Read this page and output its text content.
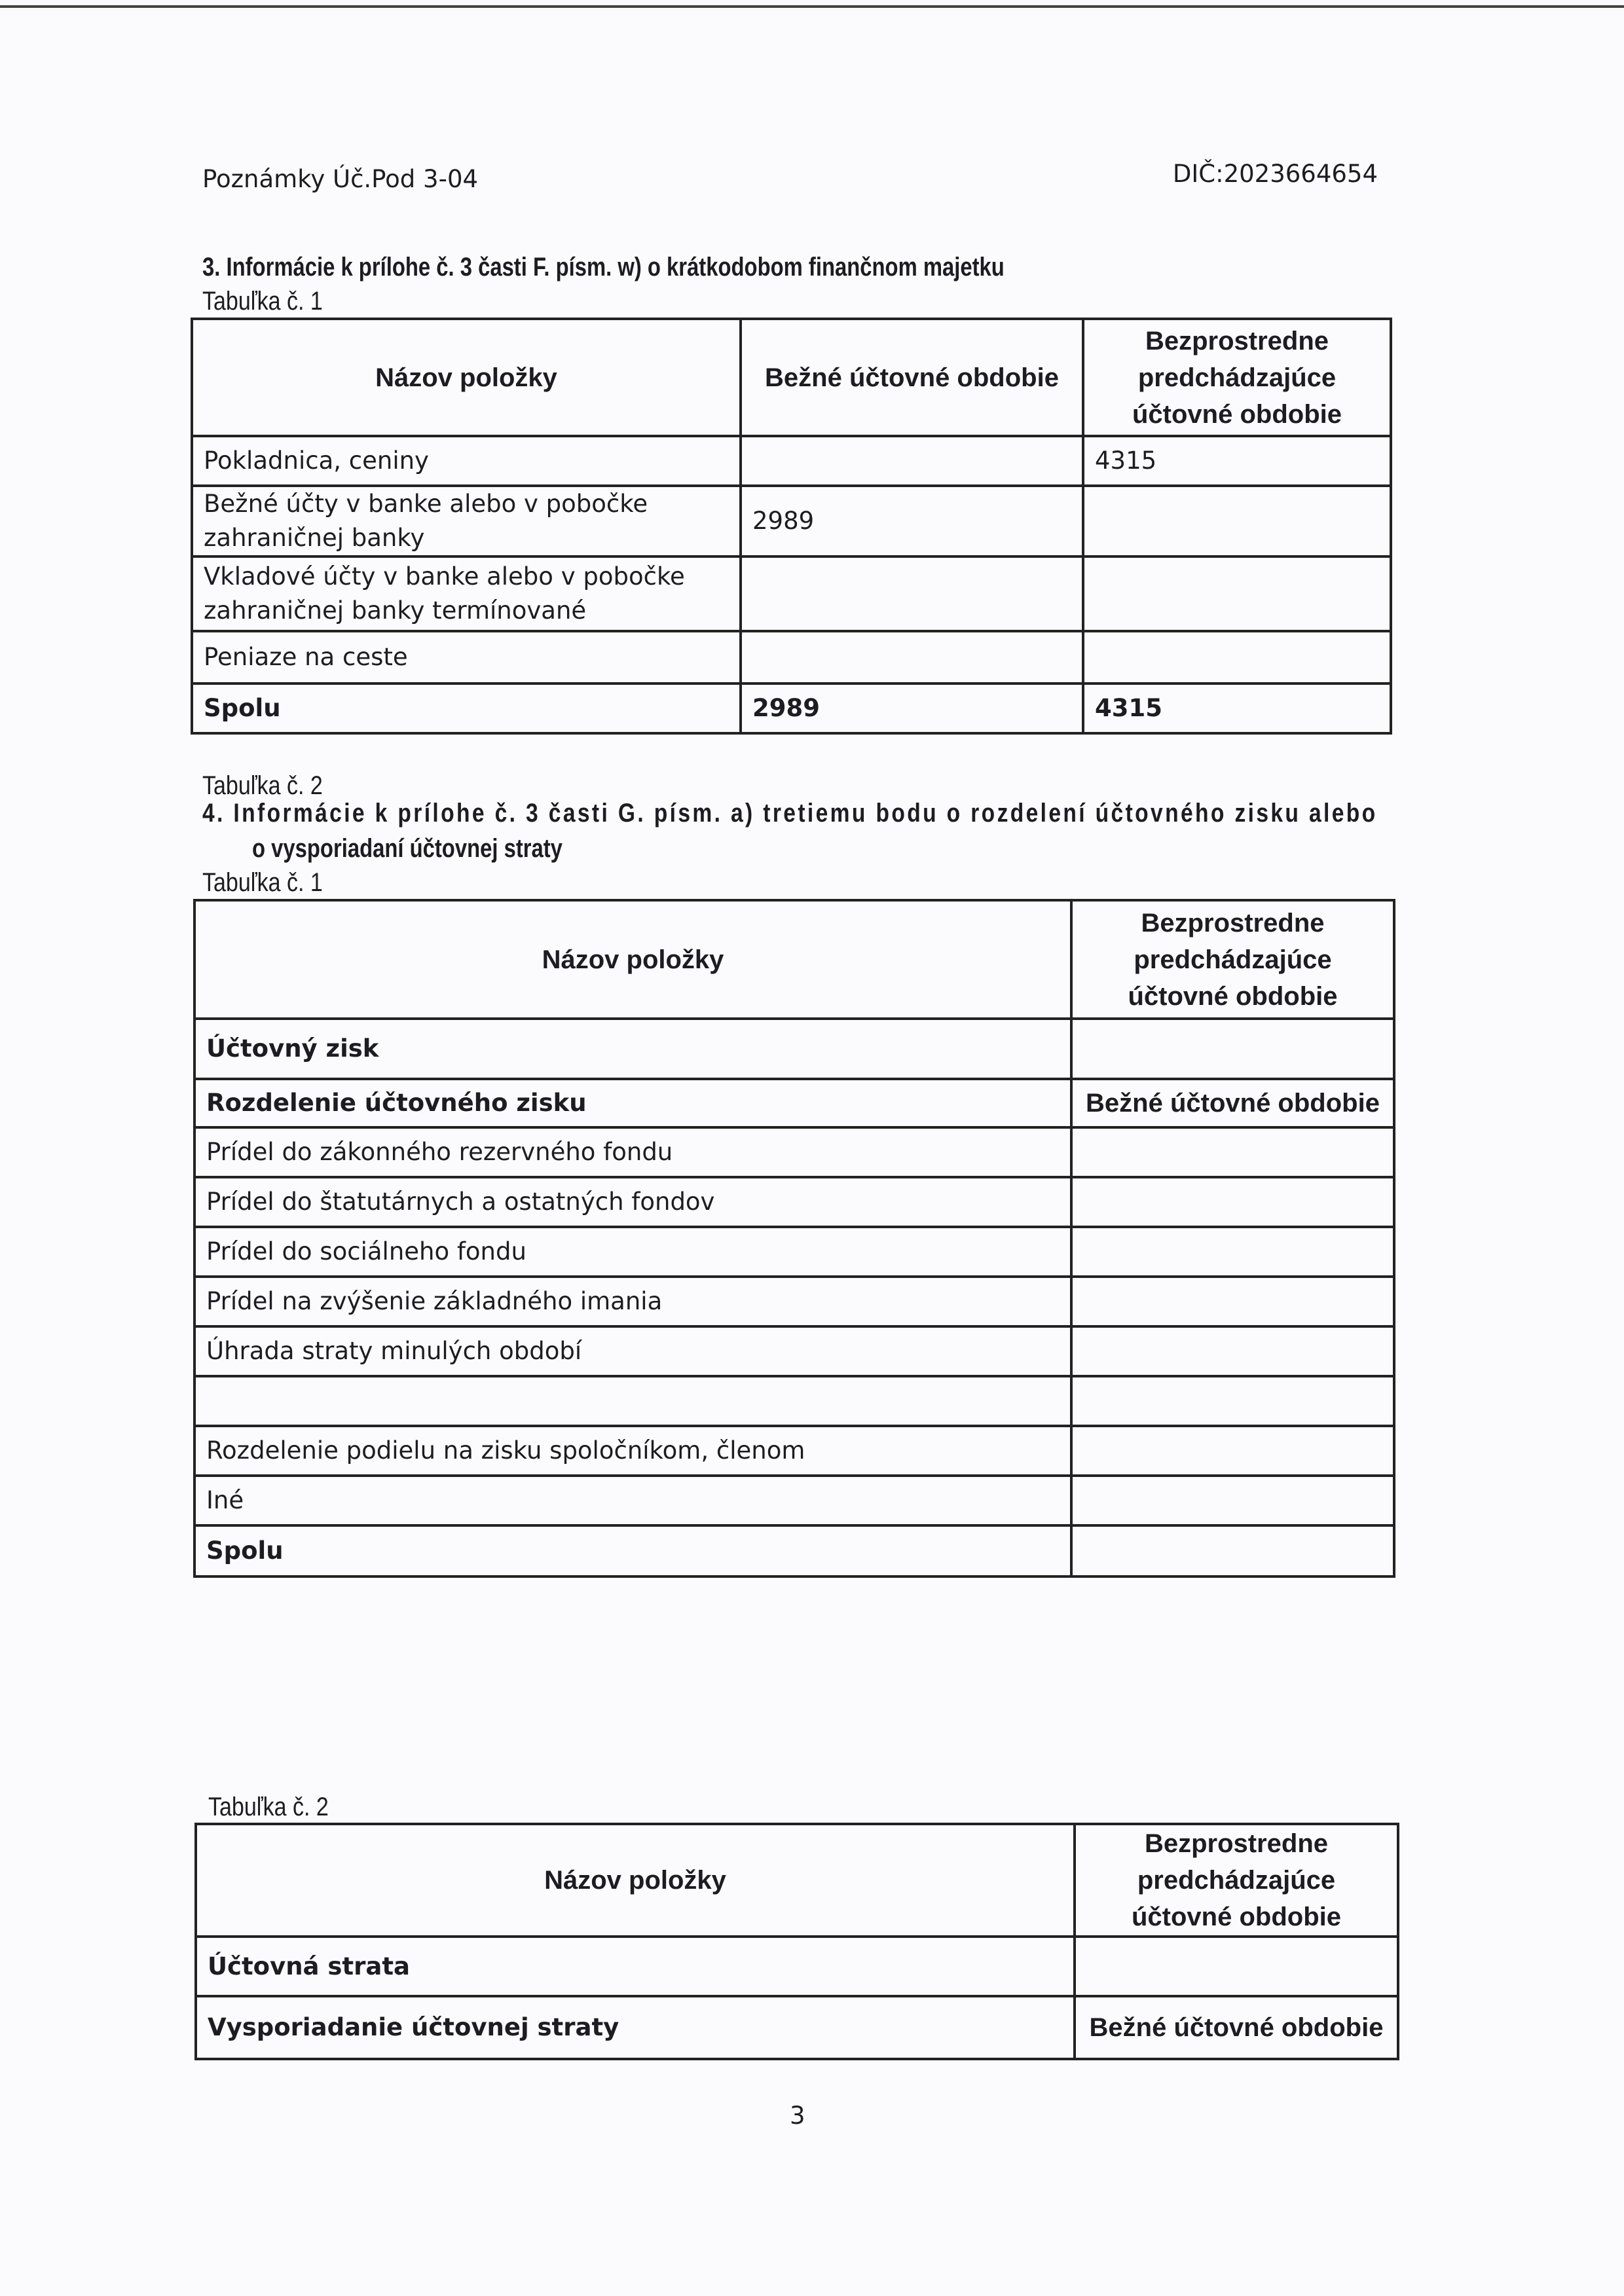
Poznámky Úč.Pod 3-04	DIČ:2023664654
3. Informácie k prílohe č. 3 časti F. písm. w) o krátkodobom finančnom majetku
Tabuľka č. 1
Názov položky	Bežné účtovné obdobie	Bezprostredne predchádzajúce účtovné obdobie
Pokladnica, ceniny		4315
Bežné účty v banke alebo v pobočke zahraničnej banky	2989	
Vkladové účty v banke alebo v pobočke zahraničnej banky termínované		
Peniaze na ceste		
Spolu	2989	4315
Tabuľka č. 2
4. Informácie k prílohe č. 3 časti G. písm. a) tretiemu bodu o rozdelení účtovného zisku alebo
o vysporiadaní účtovnej straty
Tabuľka č. 1
Názov položky	Bezprostredne predchádzajúce účtovné obdobie
Účtovný zisk	
Rozdelenie účtovného zisku	Bežné účtovné obdobie
Prídel do zákonného rezervného fondu	
Prídel do štatutárnych a ostatných fondov	
Prídel do sociálneho fondu	
Prídel na zvýšenie základného imania	
Úhrada straty minulých období	

Rozdelenie podielu na zisku spoločníkom, členom	
Iné	
Spolu	
Tabuľka č. 2
Názov položky	Bezprostredne predchádzajúce účtovné obdobie
Účtovná strata	
Vysporiadanie účtovnej straty	Bežné účtovné obdobie
3
